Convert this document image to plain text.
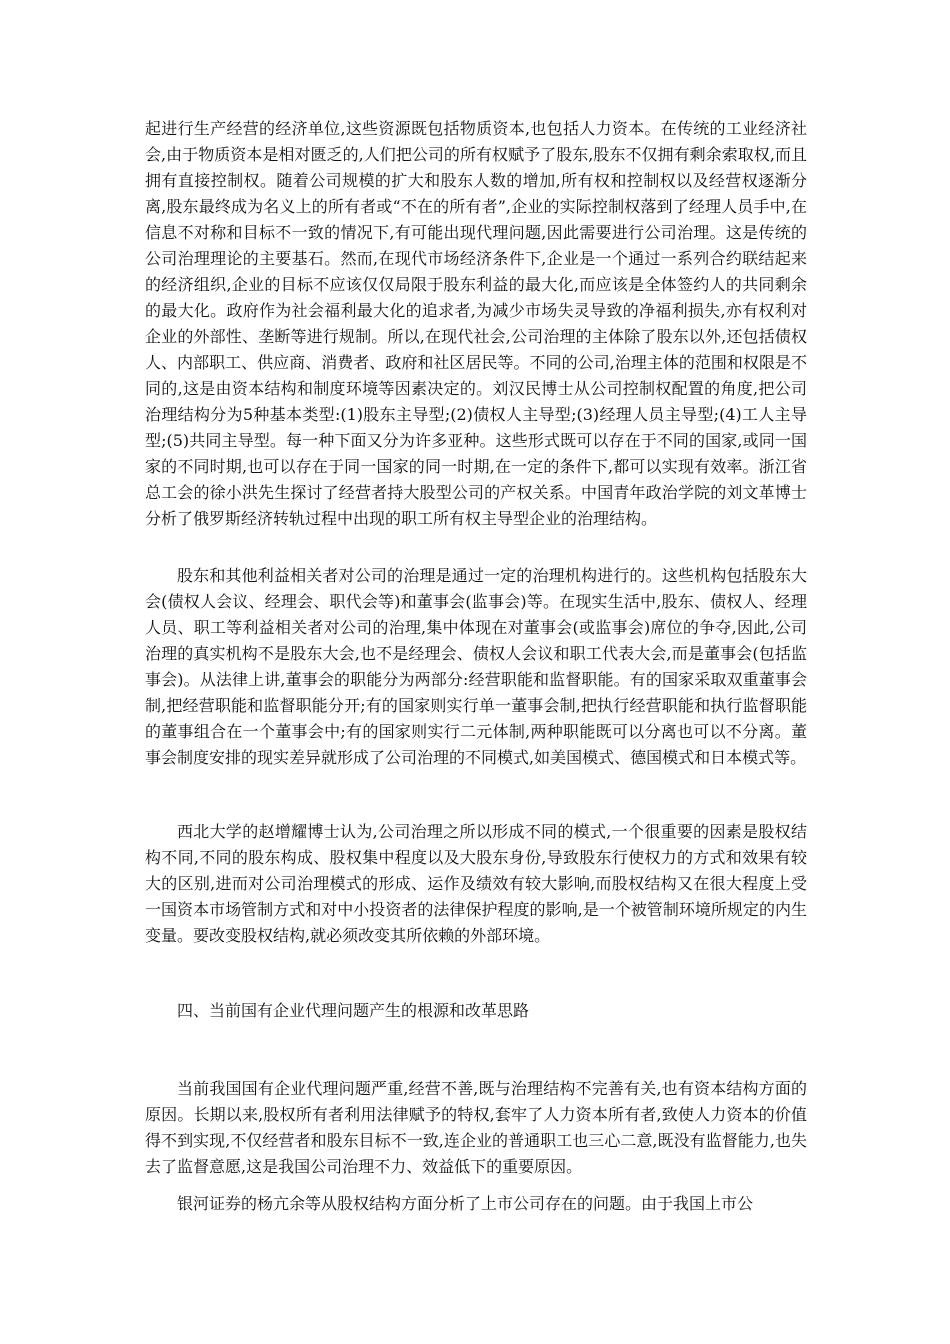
起进行生产经营的经济单位,这些资源既包括物质资本,也包括人力资本。在传统的工业经济社会,由于物质资本是相对匮乏的,人们把公司的所有权赋予了股东,股东不仅拥有剩余索取权,而且拥有直接控制权。随着公司规模的扩大和股东人数的增加,所有权和控制权以及经营权逐渐分离,股东最终成为名义上的所有者或“不在的所有者”,企业的实际控制权落到了经理人员手中,在信息不对称和目标不一致的情况下,有可能出现代理问题,因此需要进行公司治理。这是传统的公司治理理论的主要基石。然而,在现代市场经济条件下,企业是一个通过一系列合约联结起来的经济组织,企业的目标不应该仅仅局限于股东利益的最大化,而应该是全体签约人的共同剩余的最大化。政府作为社会福利最大化的追求者,为减少市场失灵导致的净福利损失,亦有权利对企业的外部性、垄断等进行规制。所以,在现代社会,公司治理的主体除了股东以外,还包括债权人、内部职工、供应商、消费者、政府和社区居民等。不同的公司,治理主体的范围和权限是不同的,这是由资本结构和制度环境等因素决定的。刘汉民博士从公司控制权配置的角度,把公司治理结构分为5种基本类型:(1)股东主导型;(2)债权人主导型;(3)经理人员主导型;(4)工人主导型;(5)共同主导型。每一种下面又分为许多亚种。这些形式既可以存在于不同的国家,或同一国家的不同时期,也可以存在于同一国家的同一时期,在一定的条件下,都可以实现有效率。浙江省总工会的徐小洪先生探讨了经营者持大股型公司的产权关系。中国青年政治学院的刘文革博士分析了俄罗斯经济转轨过程中出现的职工所有权主导型企业的治理结构。

股东和其他利益相关者对公司的治理是通过一定的治理机构进行的。这些机构包括股东大会(债权人会议、经理会、职代会等)和董事会(监事会)等。在现实生活中,股东、债权人、经理人员、职工等利益相关者对公司的治理,集中体现在对董事会(或监事会)席位的争夺,因此,公司治理的真实机构不是股东大会,也不是经理会、债权人会议和职工代表大会,而是董事会(包括监事会)。从法律上讲,董事会的职能分为两部分:经营职能和监督职能。有的国家采取双重董事会制,把经营职能和监督职能分开;有的国家则实行单一董事会制,把执行经营职能和执行监督职能的董事组合在一个董事会中;有的国家则实行二元体制,两种职能既可以分离也可以不分离。董事会制度安排的现实差异就形成了公司治理的不同模式,如美国模式、德国模式和日本模式等。

西北大学的赵增耀博士认为,公司治理之所以形成不同的模式,一个很重要的因素是股权结构不同,不同的股东构成、股权集中程度以及大股东身份,导致股东行使权力的方式和效果有较大的区别,进而对公司治理模式的形成、运作及绩效有较大影响,而股权结构又在很大程度上受一国资本市场管制方式和对中小投资者的法律保护程度的影响,是一个被管制环境所规定的内生变量。要改变股权结构,就必须改变其所依赖的外部环境。

四、当前国有企业代理问题产生的根源和改革思路

当前我国国有企业代理问题严重,经营不善,既与治理结构不完善有关,也有资本结构方面的原因。长期以来,股权所有者利用法律赋予的特权,套牢了人力资本所有者,致使人力资本的价值得不到实现,不仅经营者和股东目标不一致,连企业的普通职工也三心二意,既没有监督能力,也失去了监督意愿,这是我国公司治理不力、效益低下的重要原因。

银河证券的杨亢余等从股权结构方面分析了上市公司存在的问题。由于我国上市公
